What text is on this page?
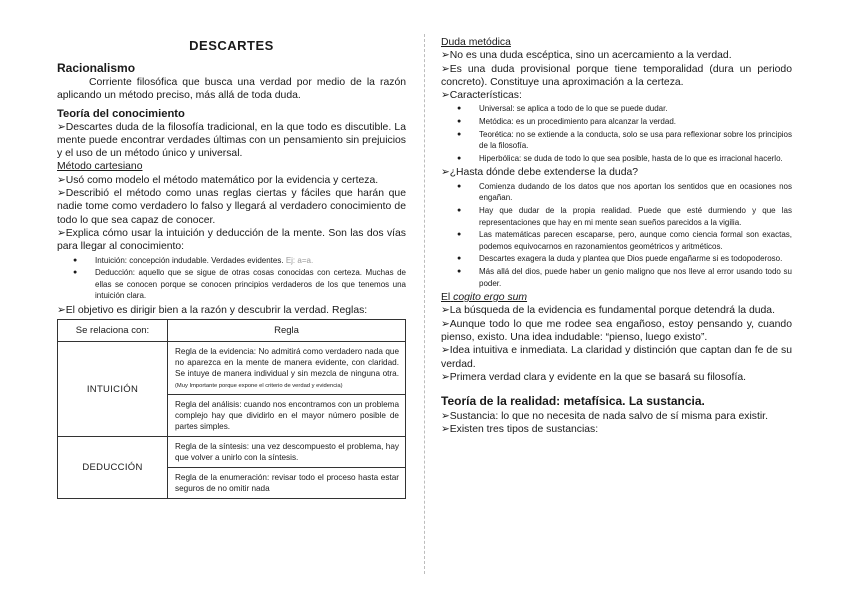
DESCARTES
Racionalismo

Corriente filosófica que busca una verdad por medio de la razón aplicando un método preciso, más allá de toda duda.

Teoría del conocimiento

➢Descartes duda de la filosofía tradicional, en la que todo es discutible. La mente puede encontrar verdades últimas con un pensamiento sin prejuicios y el uso de un método único y universal.

Método cartesiano

➢Usó como modelo el método matemático por la evidencia y certeza.

➢Describió el método como unas reglas ciertas y fáciles que harán que nadie tome como verdadero lo falso y llegará al verdadero conocimiento de todo lo que sea capaz de conocer.

➢Explica cómo usar la intuición y deducción de la mente. Son las dos vías para llegar al conocimiento:

● Intuición: concepción indudable. Verdades evidentes. Ej: a=a.
● Deducción: aquello que se sigue de otras cosas conocidas con certeza. Muchas de ellas se conocen porque se conocen principios verdaderos de los que tenemos una intuición clara.

➢El objetivo es dirigir bien a la razón y descubrir la verdad. Reglas:

Se relaciona con:	Regla
INTUICIÓN	Regla de la evidencia: No admitirá como verdadero nada que no aparezca en la mente de manera evidente, con claridad. Se intuye de manera individual y sin mezcla de ninguna otra. (Muy Importante porque expone el criterio de verdad y evidencia)
	Regla del análisis: cuando nos encontramos con un problema complejo hay que dividirlo en el mayor número posible de partes simples.
DEDUCCIÓN	Regla de la síntesis: una vez descompuesto el problema, hay que volver a unirlo con la síntesis.
	Regla de la enumeración: revisar todo el proceso hasta estar seguros de no omitir nada
Duda metódica

➢No es una duda escéptica, sino un acercamiento a la verdad.

➢Es una duda provisional porque tiene temporalidad (dura un periodo concreto). Constituye una aproximación a la certeza.

➢Características:

● Universal: se aplica a todo de lo que se puede dudar.
● Metódica: es un procedimiento para alcanzar la verdad.
● Teorética: no se extiende a la conducta, solo se usa para reflexionar sobre los principios de la filosofía.
● Hiperbólica: se duda de todo lo que sea posible, hasta de lo que es irracional hacerlo.

➢¿Hasta dónde debe extenderse la duda?

● Comienza dudando de los datos que nos aportan los sentidos que en ocasiones nos engañan.
● Hay que dudar de la propia realidad. Puede que esté durmiendo y que las representaciones que hay en mi mente sean sueños parecidos a la vigilia.
● Las matemáticas parecen escaparse, pero, aunque como ciencia formal son exactas, podemos equivocarnos en razonamientos geométricos y aritméticos.
● Descartes exagera la duda y plantea que Dios puede engañarme si es todopoderoso.
● Más allá del dios, puede haber un genio maligno que nos lleve al error usando todo su poder.
El cogito ergo sum

➢La búsqueda de la evidencia es fundamental porque detendrá la duda.

➢Aunque todo lo que me rodee sea engañoso, estoy pensando y, cuando pienso, existo. Una idea indudable: “pienso, luego existo”.

➢Idea intuitiva e inmediata. La claridad y distinción que captan dan fe de su verdad.

➢Primera verdad clara y evidente en la que se basará su filosofía.

Teoría de la realidad: metafísica. La sustancia.

➢Sustancia: lo que no necesita de nada salvo de sí misma para existir.

➢Existen tres tipos de sustancias:
